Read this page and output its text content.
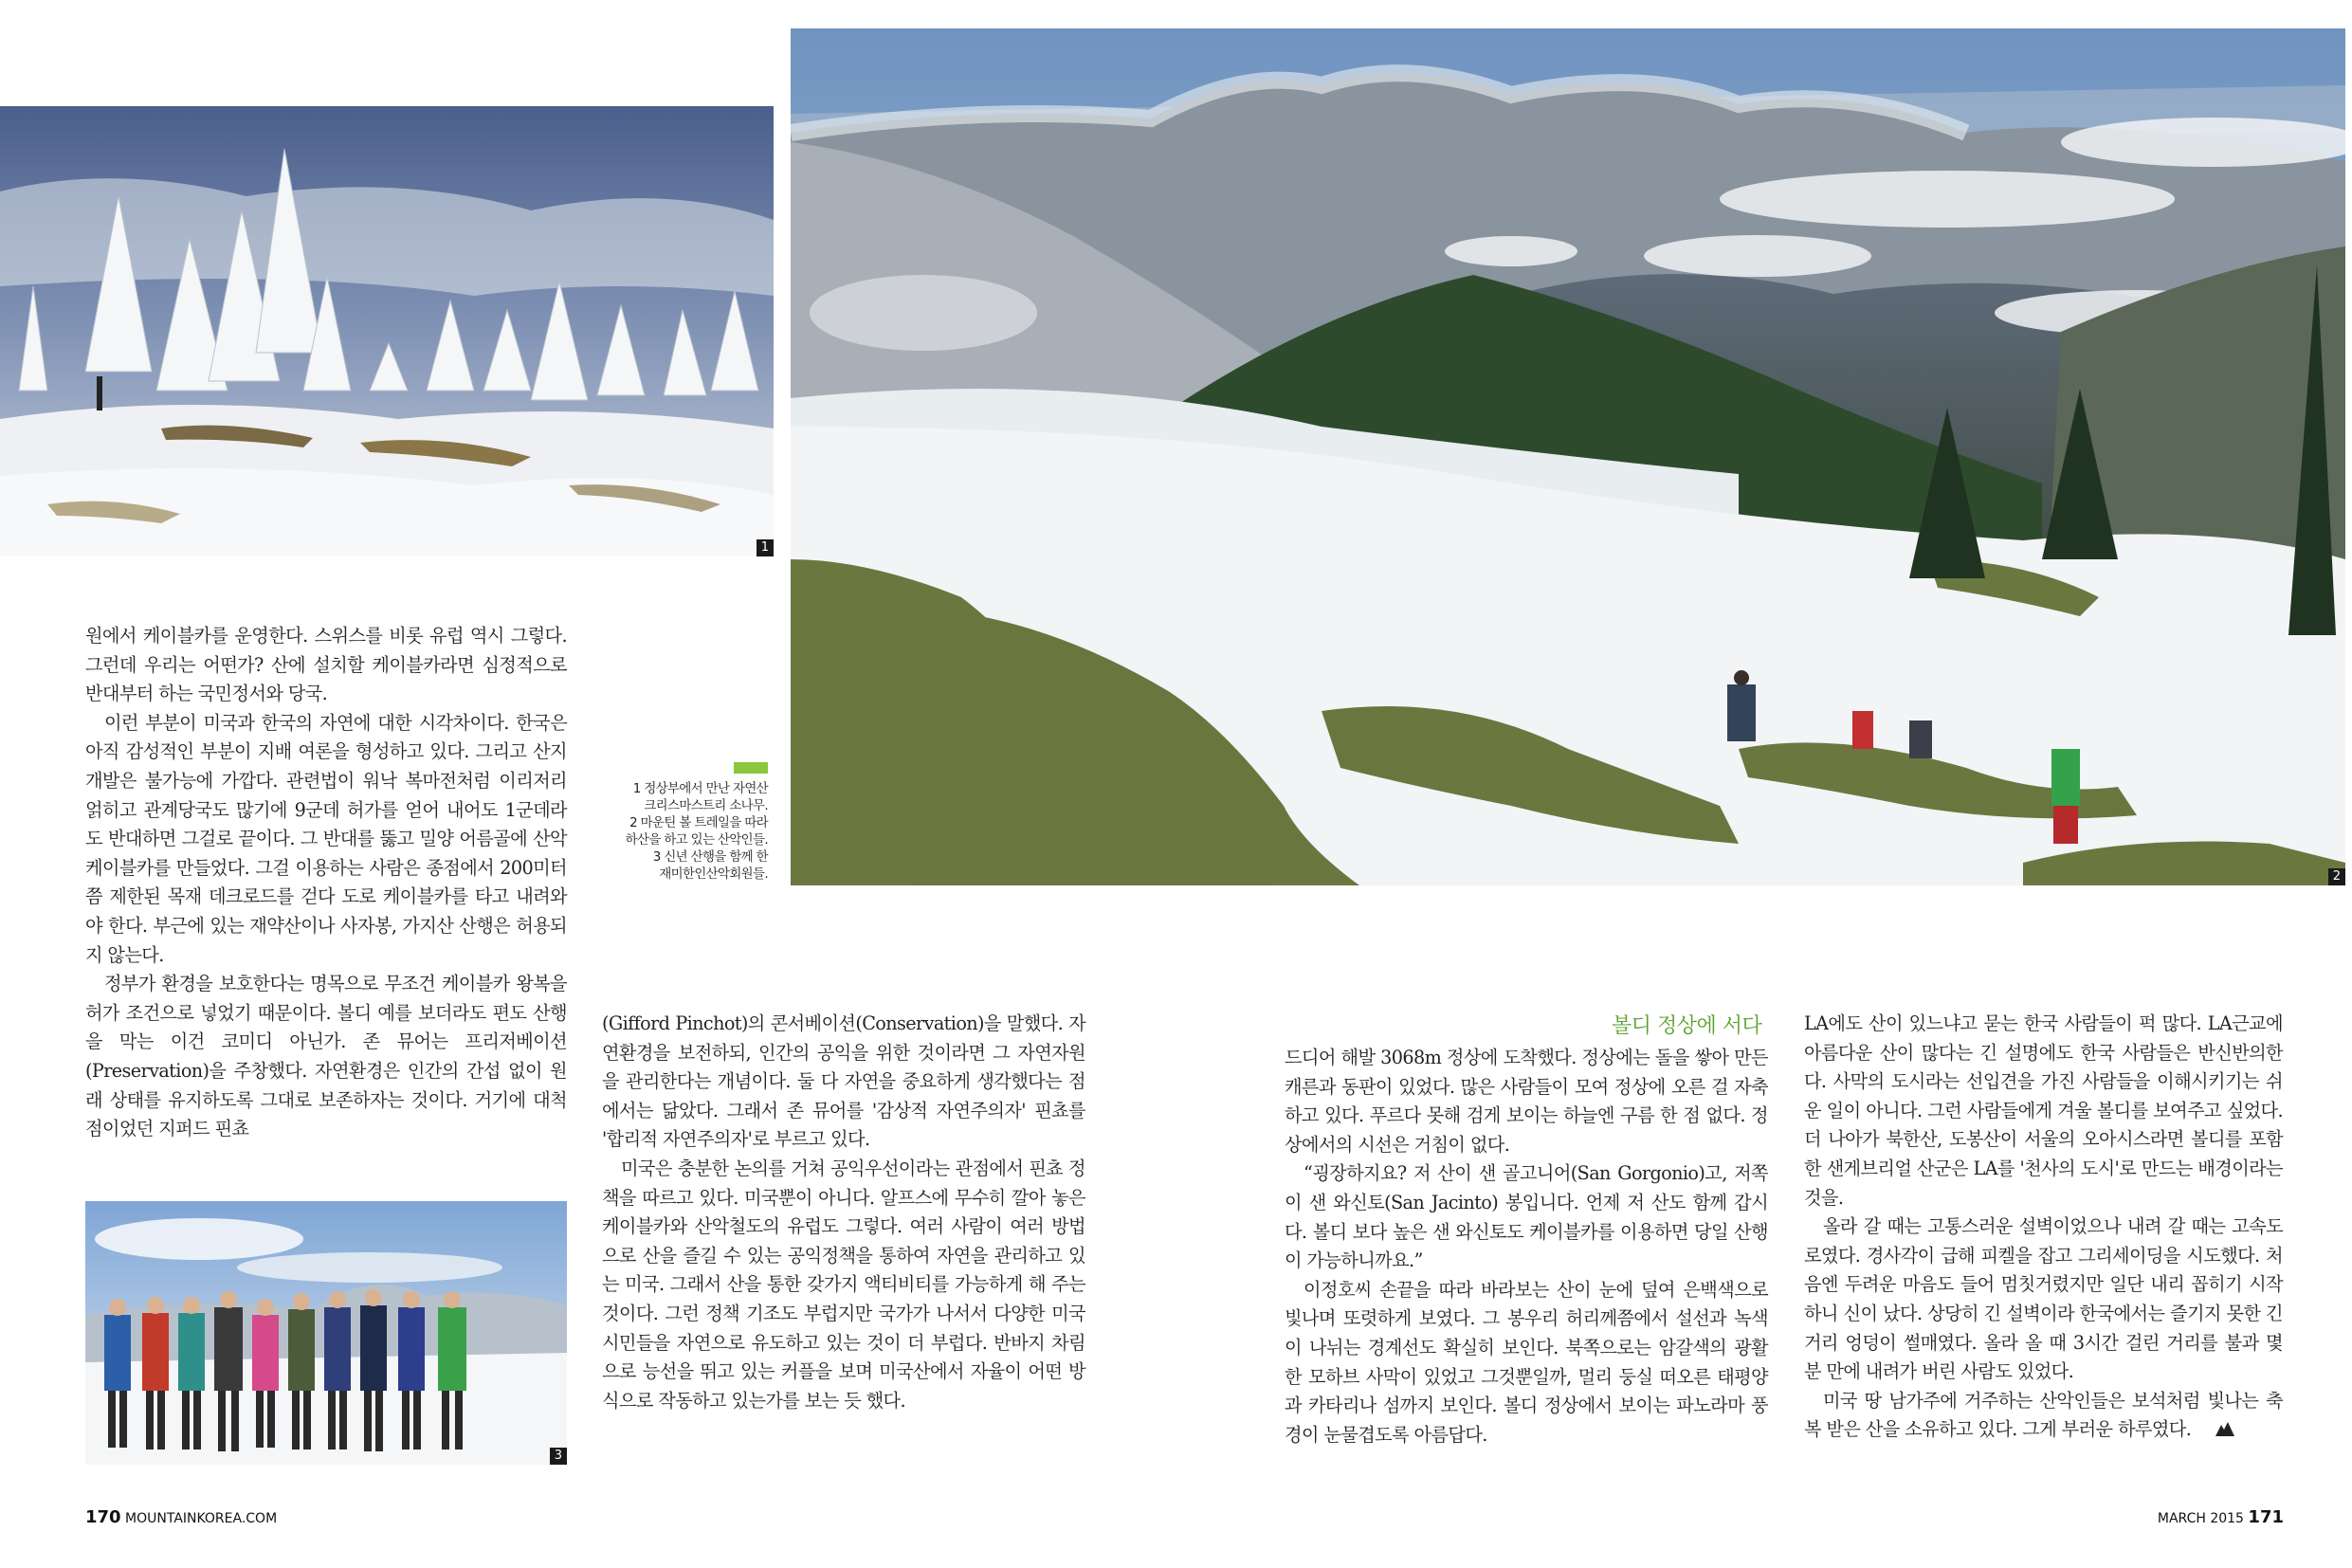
1
2
1 정상부에서 만난 자연산
크리스마스트리 소나무.
2 마운틴 볼 트레일을 따라
하산을 하고 있는 산악인들.
3 신년 산행을 함께 한
재미한인산악회원들.

원에서 케이블카를 운영한다. 스위스를 비롯 유럽 역시 그렇다. 그런데 우리는 어떤가? 산에 설치할 케이블카라면 심정적으로 반대부터 하는 국민정서와 당국.

이런 부분이 미국과 한국의 자연에 대한 시각차이다. 한국은 아직 감성적인 부분이 지배 여론을 형성하고 있다. 그리고 산지개발은 불가능에 가깝다. 관련법이 워낙 복마전처럼 이리저리 얽히고 관계당국도 많기에 9군데 허가를 얻어 내어도 1군데라도 반대하면 그걸로 끝이다. 그 반대를 뚫고 밀양 어름골에 산악케이블카를 만들었다. 그걸 이용하는 사람은 종점에서 200미터쯤 제한된 목재 데크로드를 걷다 도로 케이블카를 타고 내려와야 한다. 부근에 있는 재약산이나 사자봉, 가지산 산행은 허용되지 않는다.

정부가 환경을 보호한다는 명목으로 무조건 케이블카 왕복을 허가 조건으로 넣었기 때문이다. 볼디 예를 보더라도 편도 산행을 막는 이건 코미디 아닌가. 존 뮤어는 프리저베이션(Preservation)을 주창했다. 자연환경은 인간의 간섭 없이 원래 상태를 유지하도록 그대로 보존하자는 것이다. 거기에 대척점이었던 지퍼드 핀쵸

3

(Gifford Pinchot)의 콘서베이션(Conservation)을 말했다. 자연환경을 보전하되, 인간의 공익을 위한 것이라면 그 자연자원을 관리한다는 개념이다. 둘 다 자연을 중요하게 생각했다는 점에서는 닮았다. 그래서 존 뮤어를 '감상적 자연주의자' 핀쵸를 '합리적 자연주의자'로 부르고 있다.

미국은 충분한 논의를 거쳐 공익우선이라는 관점에서 핀쵸 정책을 따르고 있다. 미국뿐이 아니다. 알프스에 무수히 깔아 놓은 케이블카와 산악철도의 유럽도 그렇다. 여러 사람이 여러 방법으로 산을 즐길 수 있는 공익정책을 통하여 자연을 관리하고 있는 미국. 그래서 산을 통한 갖가지 액티비티를 가능하게 해 주는 것이다. 그런 정책 기조도 부럽지만 국가가 나서서 다양한 미국시민들을 자연으로 유도하고 있는 것이 더 부럽다. 반바지 차림으로 능선을 뛰고 있는 커플을 보며 미국산에서 자율이 어떤 방식으로 작동하고 있는가를 보는 듯 했다.

볼디 정상에 서다

드디어 해발 3068m 정상에 도착했다. 정상에는 돌을 쌓아 만든 캐른과 동판이 있었다. 많은 사람들이 모여 정상에 오른 걸 자축하고 있다. 푸르다 못해 검게 보이는 하늘엔 구름 한 점 없다. 정상에서의 시선은 거침이 없다.

“굉장하지요? 저 산이 샌 골고니어(San Gorgonio)고, 저쪽이 샌 와신토(San Jacinto) 봉입니다. 언제 저 산도 함께 갑시다. 볼디 보다 높은 샌 와신토도 케이블카를 이용하면 당일 산행이 가능하니까요.”

이정호씨 손끝을 따라 바라보는 산이 눈에 덮여 은백색으로 빛나며 또렷하게 보였다. 그 봉우리 허리께쯤에서 설선과 녹색이 나뉘는 경계선도 확실히 보인다. 북쪽으로는 암갈색의 광활한 모하브 사막이 있었고 그것뿐일까, 멀리 둥실 떠오른 태평양과 카타리나 섬까지 보인다. 볼디 정상에서 보이는 파노라마 풍경이 눈물겹도록 아름답다.

LA에도 산이 있느냐고 묻는 한국 사람들이 퍽 많다. LA근교에 아름다운 산이 많다는 긴 설명에도 한국 사람들은 반신반의한다. 사막의 도시라는 선입견을 가진 사람들을 이해시키기는 쉬운 일이 아니다. 그런 사람들에게 겨울 볼디를 보여주고 싶었다. 더 나아가 북한산, 도봉산이 서울의 오아시스라면 볼디를 포함한 샌게브리얼 산군은 LA를 '천사의 도시'로 만드는 배경이라는 것을.

올라 갈 때는 고통스러운 설벽이었으나 내려 갈 때는 고속도로였다. 경사각이 급해 피켈을 잡고 그리세이딩을 시도했다. 처음엔 두려운 마음도 들어 멈칫거렸지만 일단 내리 꼽히기 시작하니 신이 났다. 상당히 긴 설벽이라 한국에서는 즐기지 못한 긴 거리 엉덩이 썰매였다. 올라 올 때 3시간 걸린 거리를 불과 몇 분 만에 내려가 버린 사람도 있었다.

미국 땅 남가주에 거주하는 산악인들은 보석처럼 빛나는 축복 받은 산을 소유하고 있다. 그게 부러운 하루였다.

170 MOUNTAINKOREA.COM	MARCH 2015 171
